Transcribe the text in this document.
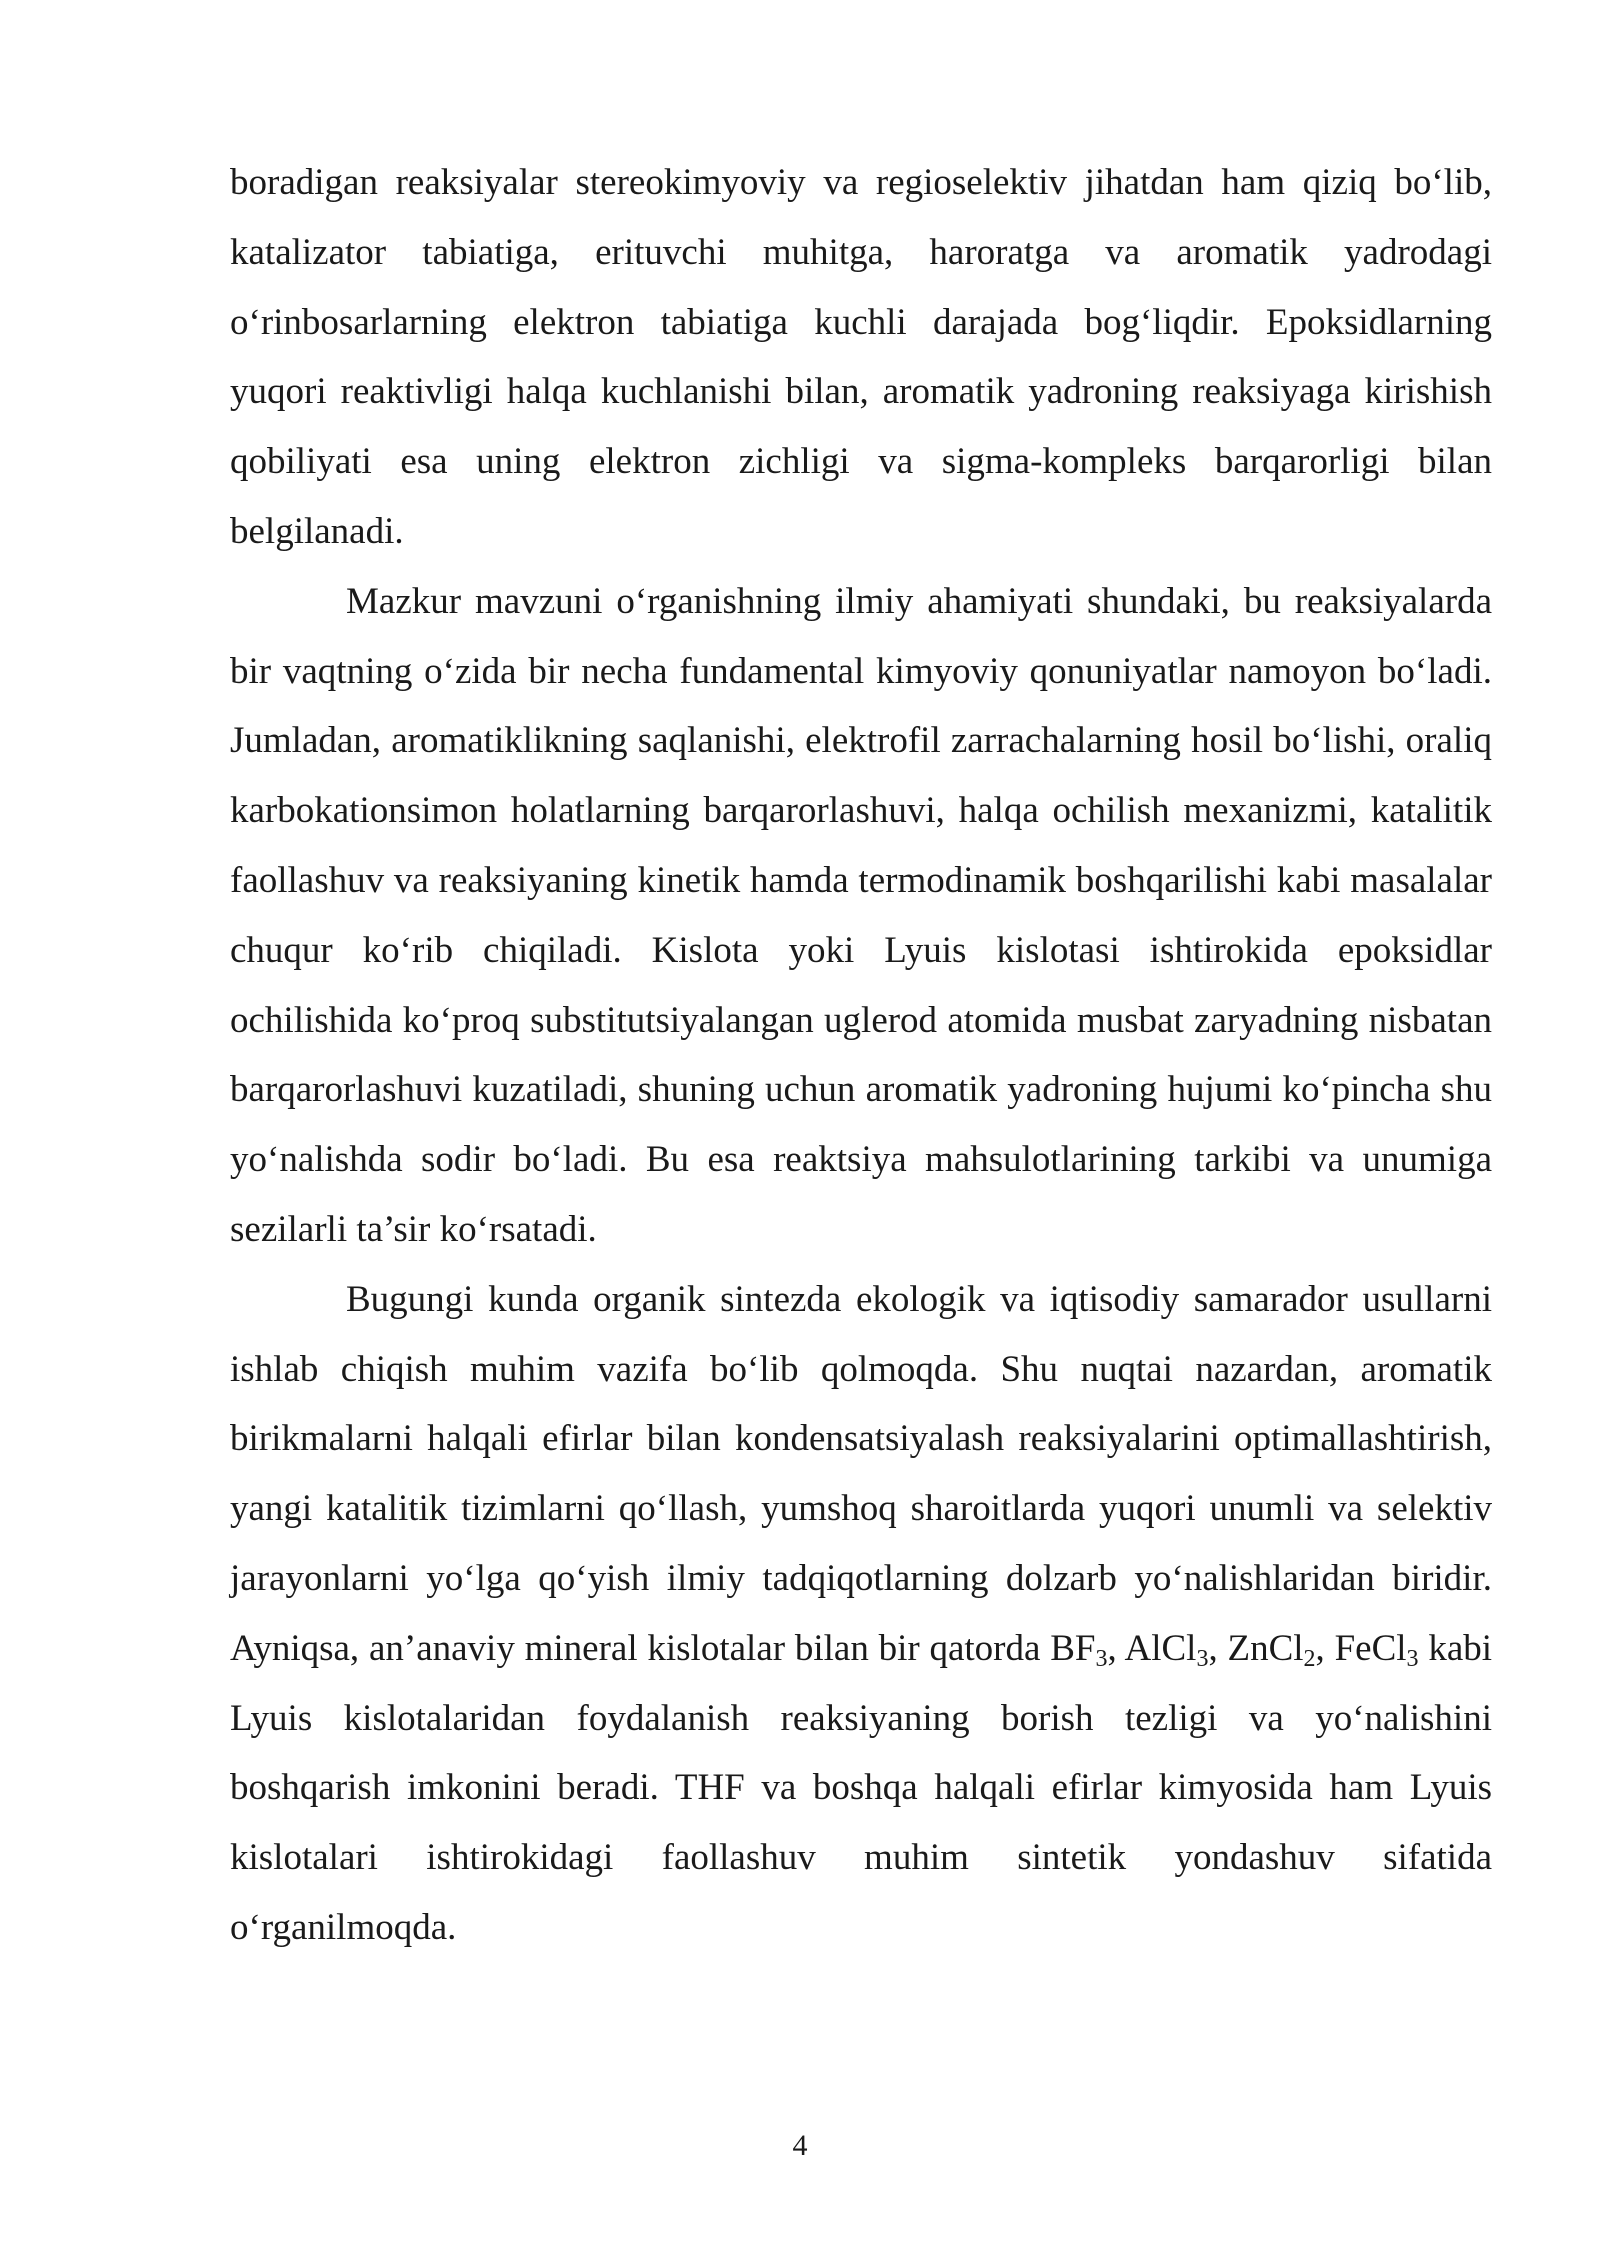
boradigan reaksiyalar stereokimyoviy va regioselektiv jihatdan ham qiziq bo‘lib, katalizator tabiatiga, erituvchi muhitga, haroratga va aromatik yadrodagi o‘rinbosarlarning elektron tabiatiga kuchli darajada bog‘liqdir. Epoksidlarning yuqori reaktivligi halqa kuchlanishi bilan, aromatik yadroning reaksiyaga kirishish qobiliyati esa uning elektron zichligi va sigma-kompleks barqarorligi bilan belgilanadi.

Mazkur mavzuni o‘rganishning ilmiy ahamiyati shundaki, bu reaksiyalarda bir vaqtning o‘zida bir necha fundamental kimyoviy qonuniyatlar namoyon bo‘ladi. Jumladan, aromatiklikning saqlanishi, elektrofil zarrachalarning hosil bo‘lishi, oraliq karbokationsimon holatlarning barqarorlashuvi, halqa ochilish mexanizmi, katalitik faollashuv va reaksiyaning kinetik hamda termodinamik boshqarilishi kabi masalalar chuqur ko‘rib chiqiladi. Kislota yoki Lyuis kislotasi ishtirokida epoksidlar ochilishida ko‘proq substitutsiyalangan uglerod atomida musbat zaryadning nisbatan barqarorlashuvi kuzatiladi, shuning uchun aromatik yadroning hujumi ko‘pincha shu yo‘nalishda sodir bo‘ladi. Bu esa reaktsiya mahsulotlarining tarkibi va unumiga sezilarli ta’sir ko‘rsatadi.

Bugungi kunda organik sintezda ekologik va iqtisodiy samarador usullarni ishlab chiqish muhim vazifa bo‘lib qolmoqda. Shu nuqtai nazardan, aromatik birikmalarni halqali efirlar bilan kondensatsiyalash reaksiyalarini optimallashtirish, yangi katalitik tizimlarni qo‘llash, yumshoq sharoitlarda yuqori unumli va selektiv jarayonlarni yo‘lga qo‘yish ilmiy tadqiqotlarning dolzarb yo‘nalishlaridan biridir. Ayniqsa, an’anaviy mineral kislotalar bilan bir qatorda $BF_3$, AlCl$_3$, ZnCl$_2$, FeCl$_3$ kabi Lyuis kislotalaridan foydalanish reaksiyaning borish tezligi va yo‘nalishini boshqarish imkonini beradi. THF va boshqa halqali efirlar kimyosida ham Lyuis kislotalari ishtirokidagi faollashuv muhim sintetik yondashuv sifatida o‘rganilmoqda.

4
